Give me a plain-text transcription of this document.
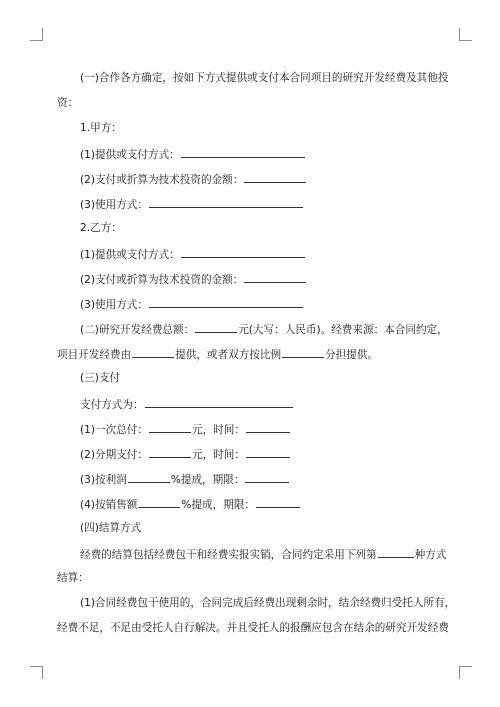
(一)合作各方确定，按如下方式提供或支付本合同项目的研究开发经费及其他投
资：
1.甲方：
(1)提供或支付方式：
(2)支付或折算为技术投资的金额：
(3)使用方式：
2.乙方：
(1)提供或支付方式：
(2)支付或折算为技术投资的金额：
(3)使用方式：
(二)研究开发经费总额：	元(大写：人民币)。经费来源：本合同约定，
项目开发经费由	提供，或者双方按比例	分担提供。
(三)支付
支付方式为：
(1)一次总付：	元，时间：
(2)分期支付：	元，时间：
(3)按利润	%提成，期限：
(4)按销售额	%提成，期限：
(四)结算方式
经费的结算包括经费包干和经费实报实销，合同约定采用下列第	种方式
结算：
(1)合同经费包干使用的，合同完成后经费出现剩余时，结余经费归受托人所有，
经费不足，不足由受托人自行解决。并且受托人的报酬应包含在结余的研究开发经费
